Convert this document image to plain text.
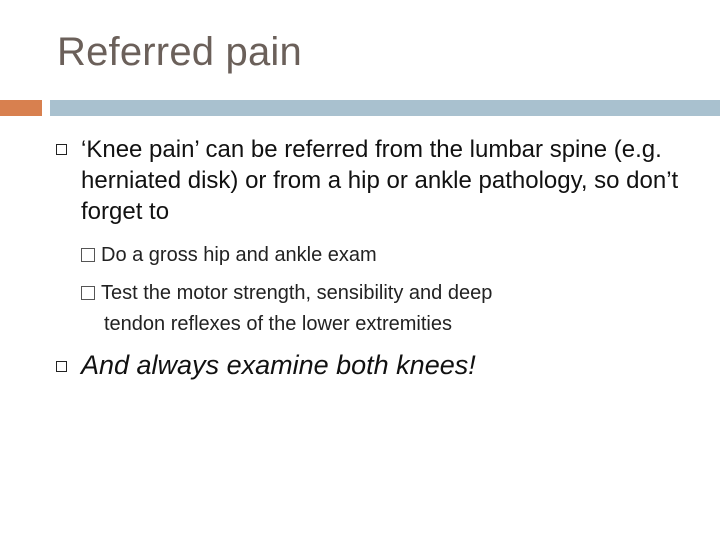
Referred pain
‘Knee pain’ can be referred from the lumbar spine (e.g. herniated disk) or from a hip or ankle pathology, so don’t forget to
Do a gross hip and ankle exam
Test the motor strength, sensibility and deep
tendon reflexes of the lower extremities
And always examine both knees!
